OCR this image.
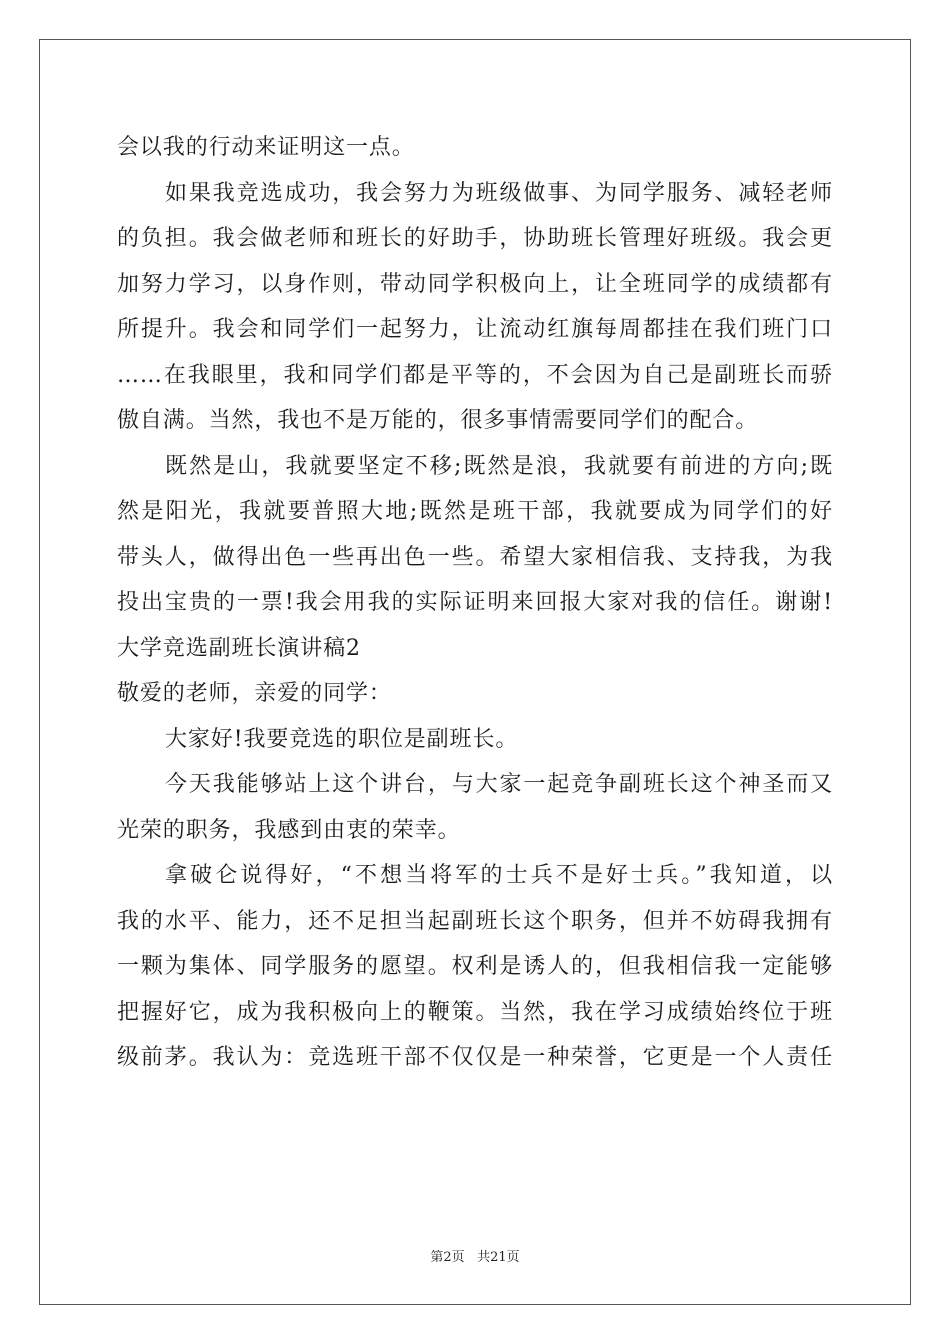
会以我的行动来证明这一点。
如果我竞选成功，我会努力为班级做事、为同学服务、减轻老师
的负担。我会做老师和班长的好助手，协助班长管理好班级。我会更
加努力学习，以身作则，带动同学积极向上，让全班同学的成绩都有
所提升。我会和同学们一起努力，让流动红旗每周都挂在我们班门口
……在我眼里，我和同学们都是平等的，不会因为自己是副班长而骄
傲自满。当然，我也不是万能的，很多事情需要同学们的配合。
既然是山，我就要坚定不移;既然是浪，我就要有前进的方向;既
然是阳光，我就要普照大地;既然是班干部，我就要成为同学们的好
带头人，做得出色一些再出色一些。希望大家相信我、支持我，为我
投出宝贵的一票!我会用我的实际证明来回报大家对我的信任。谢谢!
大学竞选副班长演讲稿2
敬爱的老师，亲爱的同学：
大家好!我要竞选的职位是副班长。
今天我能够站上这个讲台，与大家一起竞争副班长这个神圣而又
光荣的职务，我感到由衷的荣幸。
拿破仑说得好，“不想当将军的士兵不是好士兵。”我知道，以
我的水平、能力，还不足担当起副班长这个职务，但并不妨碍我拥有
一颗为集体、同学服务的愿望。权利是诱人的，但我相信我一定能够
把握好它，成为我积极向上的鞭策。当然，我在学习成绩始终位于班
级前茅。我认为：竞选班干部不仅仅是一种荣誉，它更是一个人责任
第2页 共21页
